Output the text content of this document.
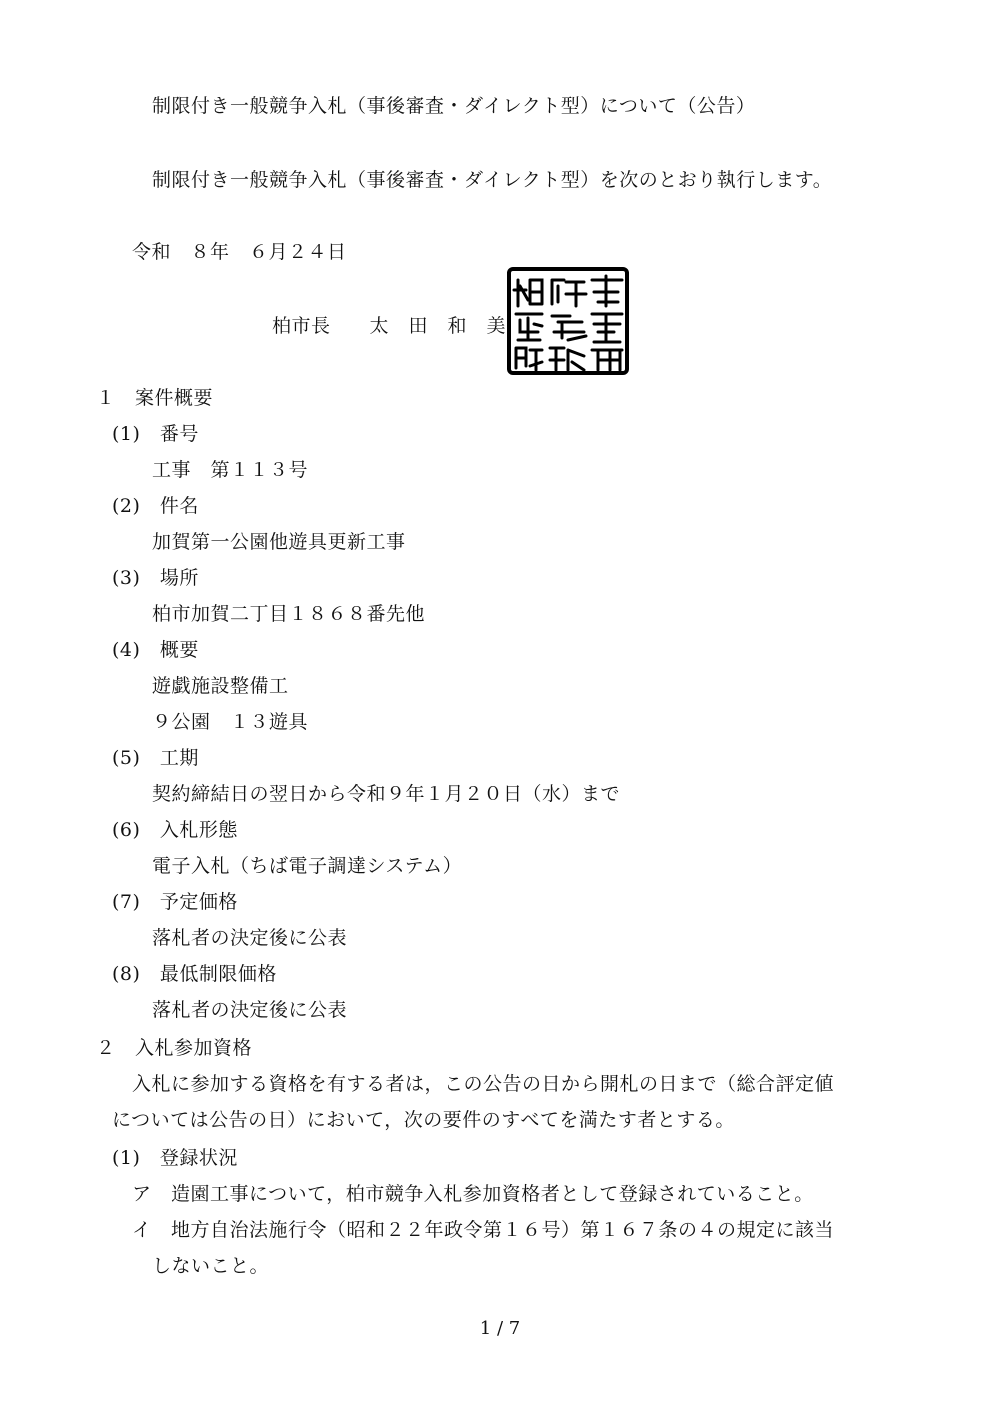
制限付き一般競争入札（事後審査・ダイレクト型）について（公告）
制限付き一般競争入札（事後審査・ダイレクト型）を次のとおり執行します。
令和　８年　６月２４日
柏市長　　太　田　和　美
１　案件概要
(1)　番号
工事　第１１３号
(2)　件名
加賀第一公園他遊具更新工事
(3)　場所
柏市加賀二丁目１８６８番先他
(4)　概要
遊戯施設整備工
９公園　１３遊具
(5)　工期
契約締結日の翌日から令和９年１月２０日（水）まで
(6)　入札形態
電子入札（ちば電子調達システム）
(7)　予定価格
落札者の決定後に公表
(8)　最低制限価格
落札者の決定後に公表
２　入札参加資格
入札に参加する資格を有する者は，この公告の日から開札の日まで（総合評定値
については公告の日）において，次の要件のすべてを満たす者とする。
(1)　登録状況
ア　造園工事について，柏市競争入札参加資格者として登録されていること。
イ　地方自治法施行令（昭和２２年政令第１６号）第１６７条の４の規定に該当
しないこと。
1 / 7
